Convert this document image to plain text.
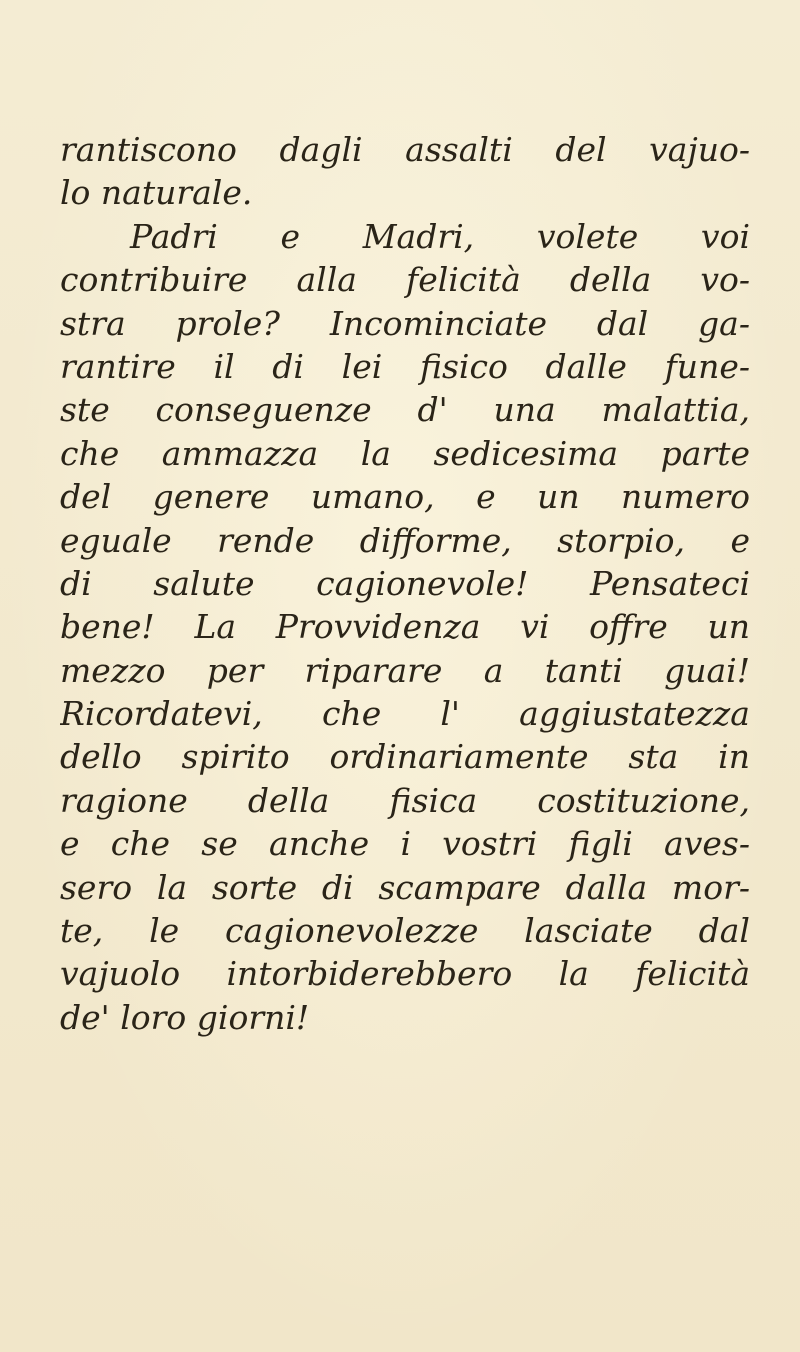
rantiscono dagli assalti del vajuo-
lo naturale.
Padri e Madri, volete voi
contribuire alla felicità della vo-
stra prole? Incominciate dal ga-
rantire il di lei fisico dalle fune-
ste conseguenze d' una malattia,
che ammazza la sedicesima parte
del genere umano, e un numero
eguale rende difforme, storpio, e
di salute cagionevole! Pensateci
bene! La Provvidenza vi offre un
mezzo per riparare a tanti guai!
Ricordatevi, che l' aggiustatezza
dello spirito ordinariamente sta in
ragione della fisica costituzione,
e che se anche i vostri figli aves-
sero la sorte di scampare dalla mor-
te, le cagionevolezze lasciate dal
vajuolo intorbiderebbero la felicità
de' loro giorni!
